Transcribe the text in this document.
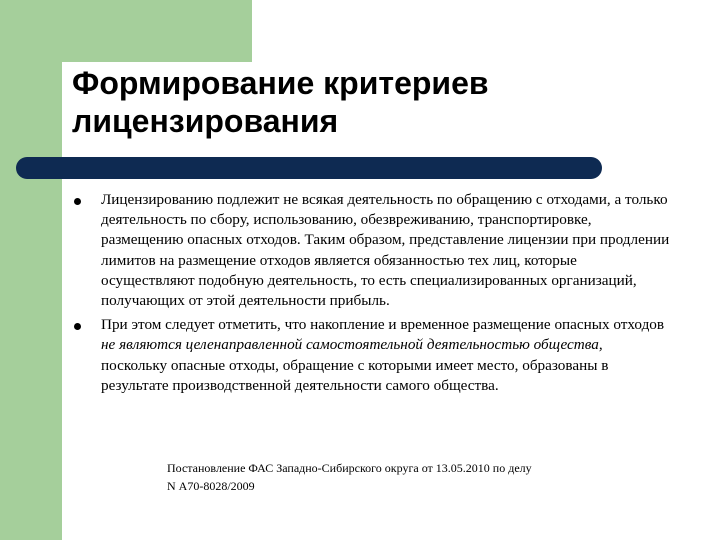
Формирование критериев
лицензирования
Лицензированию подлежит не всякая деятельность по обращению с отходами, а только деятельность по сбору, использованию, обезвреживанию, транспортировке, размещению опасных отходов. Таким образом, представление лицензии при продлении лимитов на размещение отходов является обязанностью тех лиц, которые осуществляют подобную деятельность, то есть специализированных организаций, получающих от этой деятельности прибыль.
При этом следует отметить, что накопление и временное размещение опасных отходов не являются целенаправленной самостоятельной деятельностью общества, поскольку опасные отходы, обращение с которыми имеет место, образованы в результате производственной деятельности самого общества.
Постановление ФАС Западно-Сибирского округа от 13.05.2010 по делу
N А70-8028/2009
